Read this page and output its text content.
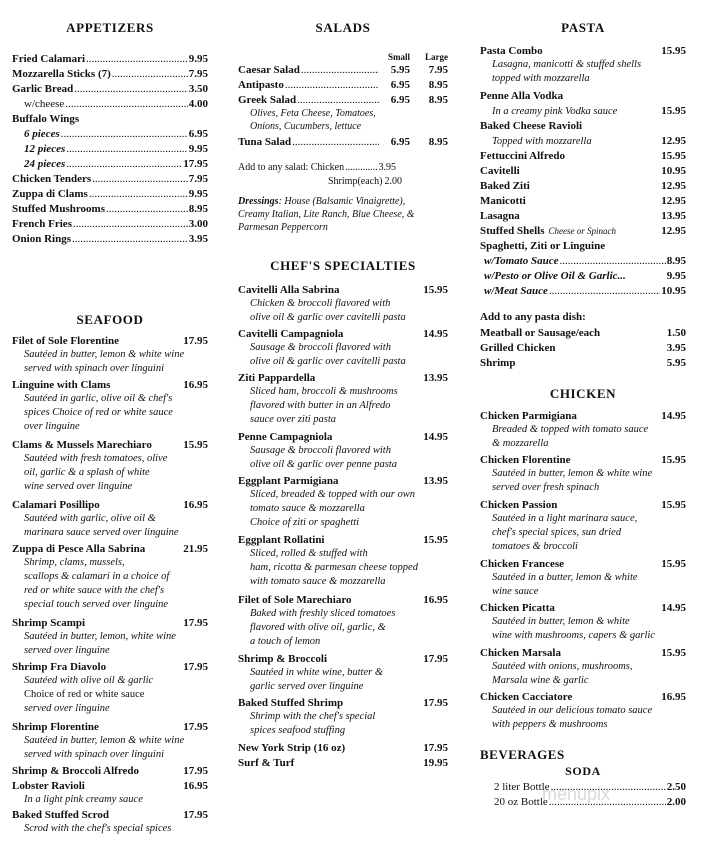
APPETIZERS
Fried Calamari .....	9.95
Mozzarella Sticks (7) .....	7.95
Garlic Bread .....	3.50
w/cheese .....	4.00
Buffalo Wings
6 pieces .....	6.95
12 pieces .....	9.95
24 pieces .....	17.95
Chicken Tenders .....	7.95
Zuppa di Clams .....	9.95
Stuffed Mushrooms .....	8.95
French Fries .....	3.00
Onion Rings .....	3.95
SEAFOOD
Filet of Sole Florentine	17.95
Sautéed in butter, lemon & white wine
served with spinach over linguini
Linguine with Clams	16.95
Sautéed in garlic, olive oil & chef's
spices Choice of red or white sauce
over linguine
Clams & Mussels Marechiaro	15.95
Sautéed with fresh tomatoes, olive
oil, garlic & a splash of white
wine served over linguine
Calamari Posillipo	16.95
Sautéed with garlic, olive oil &
marinara sauce served over linguine
Zuppa di Pesce Alla Sabrina	21.95
Shrimp, clams, mussels,
scallops & calamari in a choice of
red or white sauce with the chef's
special touch served over linguine
Shrimp Scampi	17.95
Sautéed in butter, lemon, white wine
served over linguine
Shrimp Fra Diavolo	17.95
Sautéed with olive oil & garlic
Choice of red or white sauce
served over linguine
Shrimp Florentine	17.95
Sautéed in butter, lemon & white wine
served with spinach over linguini
Shrimp & Broccoli Alfredo	17.95
Lobster Ravioli	16.95
In a light pink creamy sauce
Baked Stuffed Scrod	17.95
Scrod with the chef's special spices
SALADS
Small	Large
Caesar Salad .....	5.95	7.95
Antipasto .....	6.95	8.95
Greek Salad .....	6.95	8.95
Olives, Feta Cheese, Tomatoes,
Onions, Cucumbers, lettuce
Tuna Salad .....	6.95	8.95
Add to any salad: Chicken .....	3.95
Shrimp(each) 2.00
Dressings: House (Balsamic Vinaigrette),
Creamy Italian, Lite Ranch, Blue Cheese, &
Parmesan Peppercorn
CHEF'S SPECIALTIES
Cavitelli Alla Sabrina	15.95
Chicken & broccoli flavored with
olive oil & garlic over cavitelli pasta
Cavitelli Campagniola	14.95
Sausage & broccoli flavored with
olive oil & garlic over cavitelli pasta
Ziti Pappardella	13.95
Sliced ham, broccoli & mushrooms
flavored with butter in an Alfredo
sauce over ziti pasta
Penne Campagniola	14.95
Sausage & broccoli flavored with
olive oil & garlic over penne pasta
Eggplant Parmigiana	13.95
Sliced, breaded & topped with our own
tomato sauce & mozzarella
Choice of ziti or spaghetti
Eggplant Rollatini	15.95
Sliced, rolled & stuffed with
ham, ricotta & parmesan cheese topped
with tomato sauce & mozzarella
Filet of Sole Marechiaro	16.95
Baked with freshly sliced tomatoes
flavored with olive oil, garlic, &
a touch of lemon
Shrimp & Broccoli	17.95
Sautéed in white wine, butter &
garlic served over linguine
Baked Stuffed Shrimp	17.95
Shrimp with the chef's special
spices seafood stuffing
New York Strip (16 oz)	17.95
Surf & Turf	19.95
PASTA
Pasta Combo	15.95
Lasagna, manicotti & stuffed shells
topped with mozzarella
Penne Alla Vodka
In a creamy pink Vodka sauce	15.95
Baked Cheese Ravioli
Topped with mozzarella	12.95
Fettuccini Alfredo	15.95
Cavitelli	10.95
Baked Ziti	12.95
Manicotti	12.95
Lasagna	13.95
Stuffed Shells Cheese or Spinach	12.95
Spaghetti, Ziti or Linguine
w/Tomato Sauce .....	8.95
w/Pesto or Olive Oil & Garlic...	9.95
w/Meat Sauce .....	10.95
Add to any pasta dish:
Meatball or Sausage/each	1.50
Grilled Chicken	3.95
Shrimp	5.95
CHICKEN
Chicken Parmigiana	14.95
Breaded & topped with tomato sauce
& mozzarella
Chicken Florentine	15.95
Sautéed in butter, lemon & white wine
served over fresh spinach
Chicken Passion	15.95
Sautéed in a light marinara sauce,
chef's special spices, sun dried
tomatoes & broccoli
Chicken Francese	15.95
Sautéed in a butter, lemon & white
wine sauce
Chicken Picatta	14.95
Sautéed in butter, lemon & white
wine with mushrooms, capers & garlic
Chicken Marsala	15.95
Sautéed with onions, mushrooms,
Marsala wine & garlic
Chicken Cacciatore	16.95
Sautéed in our delicious tomato sauce
with peppers & mushrooms
BEVERAGES
SODA
2 liter Bottle .....	2.50
20 oz Bottle .....	2.00
menupix
